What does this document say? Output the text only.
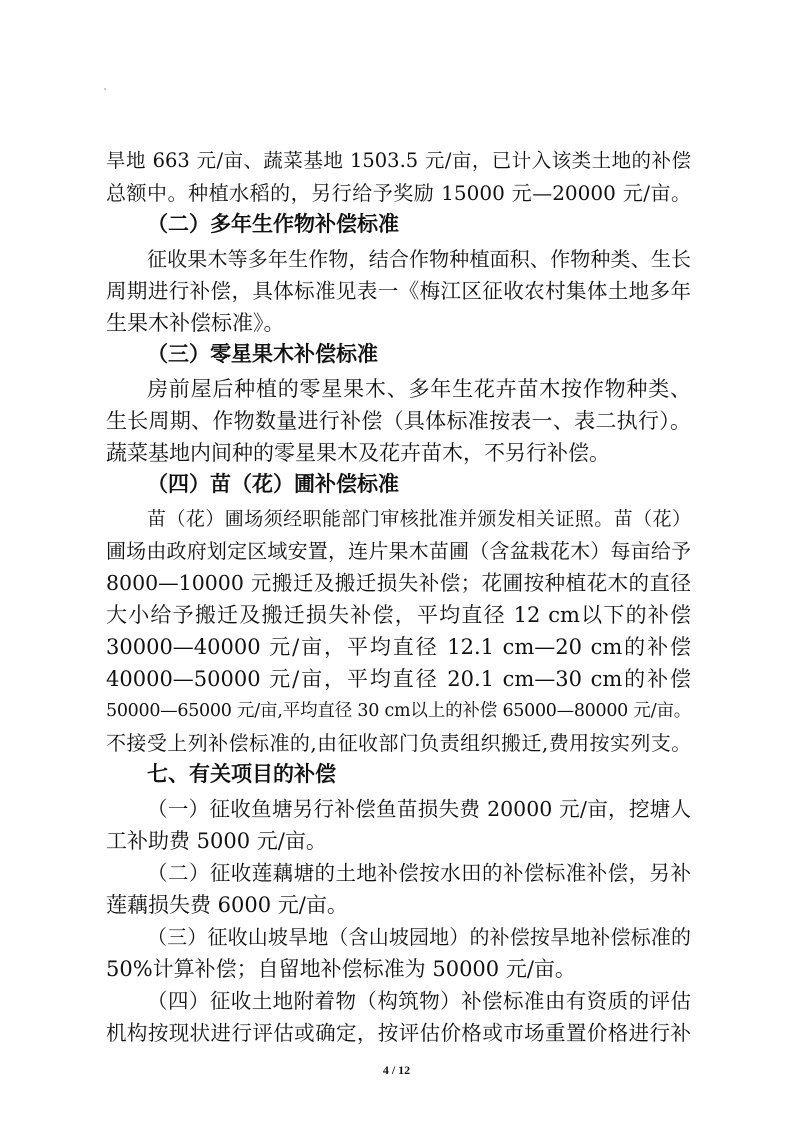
旱地 663 元/亩、蔬菜基地 1503.5 元/亩，已计入该类土地的补偿
总额中。种植水稻的，另行给予奖励 15000 元—20000 元/亩。
（二）多年生作物补偿标准
征收果木等多年生作物，结合作物种植面积、作物种类、生长
周期进行补偿，具体标准见表一《梅江区征收农村集体土地多年
生果木补偿标准》。
（三）零星果木补偿标准
房前屋后种植的零星果木、多年生花卉苗木按作物种类、
生长周期、作物数量进行补偿（具体标准按表一、表二执行）。
蔬菜基地内间种的零星果木及花卉苗木，不另行补偿。
（四）苗（花）圃补偿标准
苗（花）圃场须经职能部门审核批准并颁发相关证照。苗（花）
圃场由政府划定区域安置，连片果木苗圃（含盆栽花木）每亩给予
8000—10000 元搬迁及搬迁损失补偿；花圃按种植花木的直径
大小给予搬迁及搬迁损失补偿，平均直径 12 cm以下的补偿
30000—40000 元/亩，平均直径 12.1 cm—20 cm的补偿
40000—50000 元/亩，平均直径 20.1 cm—30 cm的补偿
50000—65000 元/亩,平均直径 30 cm以上的补偿 65000—80000 元/亩。
不接受上列补偿标准的,由征收部门负责组织搬迁,费用按实列支。
七、有关项目的补偿
（一）征收鱼塘另行补偿鱼苗损失费 20000 元/亩，挖塘人
工补助费 5000 元/亩。
（二）征收莲藕塘的土地补偿按水田的补偿标准补偿，另补
莲藕损失费 6000 元/亩。
（三）征收山坡旱地（含山坡园地）的补偿按旱地补偿标准的
50%计算补偿；自留地补偿标准为 50000 元/亩。
（四）征收土地附着物（构筑物）补偿标准由有资质的评估
机构按现状进行评估或确定，按评估价格或市场重置价格进行补
4 / 12
